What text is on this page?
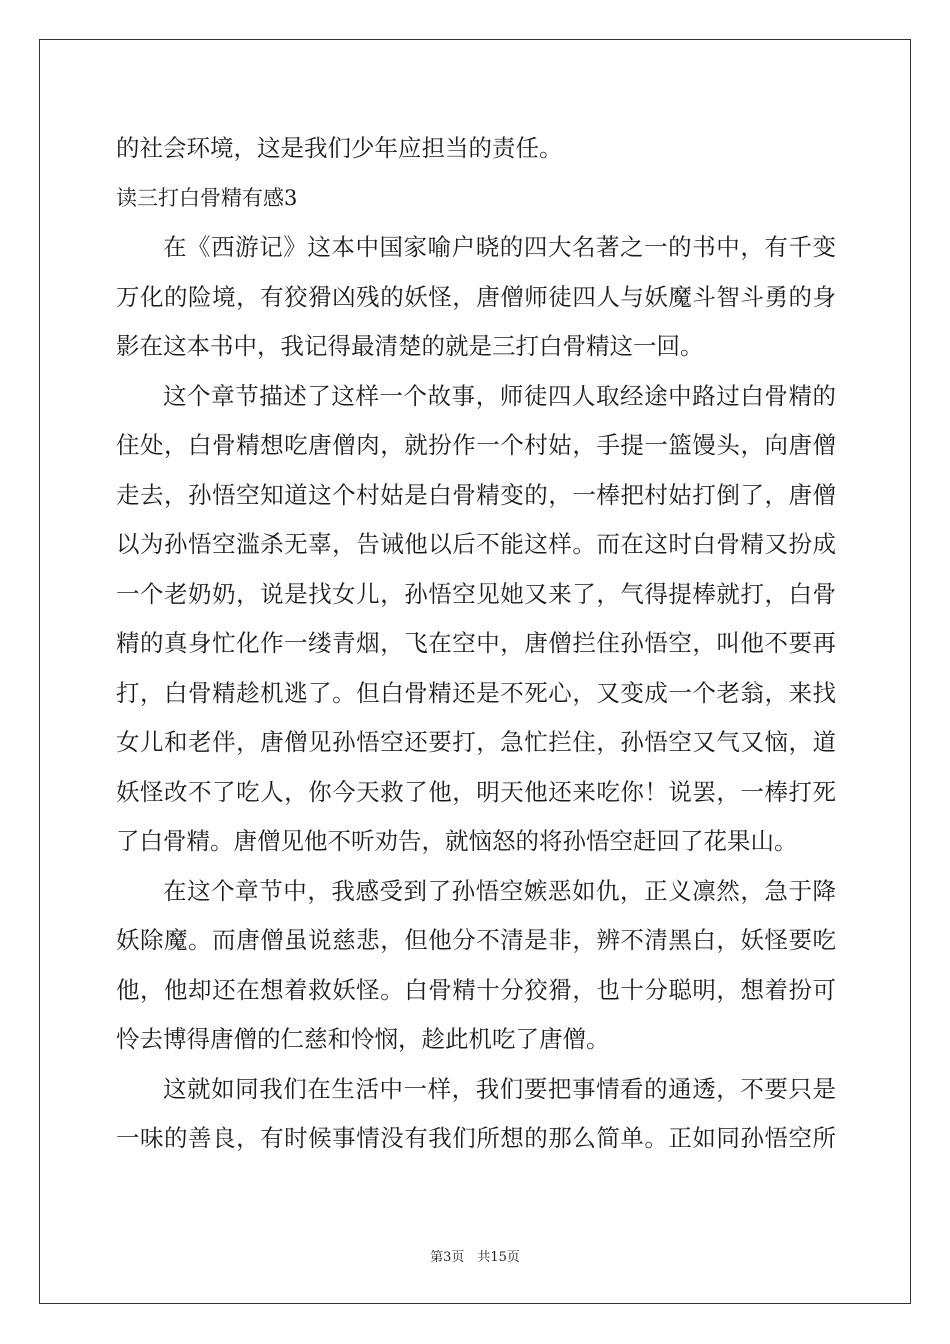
的社会环境，这是我们少年应担当的责任。
读三打白骨精有感3
在《西游记》这本中国家喻户晓的四大名著之一的书中，有千变
万化的险境，有狡猾凶残的妖怪，唐僧师徒四人与妖魔斗智斗勇的身
影在这本书中，我记得最清楚的就是三打白骨精这一回。
这个章节描述了这样一个故事，师徒四人取经途中路过白骨精的
住处，白骨精想吃唐僧肉，就扮作一个村姑，手提一篮馒头，向唐僧
走去，孙悟空知道这个村姑是白骨精变的，一棒把村姑打倒了，唐僧
以为孙悟空滥杀无辜，告诫他以后不能这样。而在这时白骨精又扮成
一个老奶奶，说是找女儿，孙悟空见她又来了，气得提棒就打，白骨
精的真身忙化作一缕青烟，飞在空中，唐僧拦住孙悟空，叫他不要再
打，白骨精趁机逃了。但白骨精还是不死心，又变成一个老翁，来找
女儿和老伴，唐僧见孙悟空还要打，急忙拦住，孙悟空又气又恼，道
妖怪改不了吃人，你今天救了他，明天他还来吃你！说罢，一棒打死
了白骨精。唐僧见他不听劝告，就恼怒的将孙悟空赶回了花果山。
在这个章节中，我感受到了孙悟空嫉恶如仇，正义凛然，急于降
妖除魔。而唐僧虽说慈悲，但他分不清是非，辨不清黑白，妖怪要吃
他，他却还在想着救妖怪。白骨精十分狡猾，也十分聪明，想着扮可
怜去博得唐僧的仁慈和怜悯，趁此机吃了唐僧。
这就如同我们在生活中一样，我们要把事情看的通透，不要只是
一味的善良，有时候事情没有我们所想的那么简单。正如同孙悟空所
第3页　共15页
